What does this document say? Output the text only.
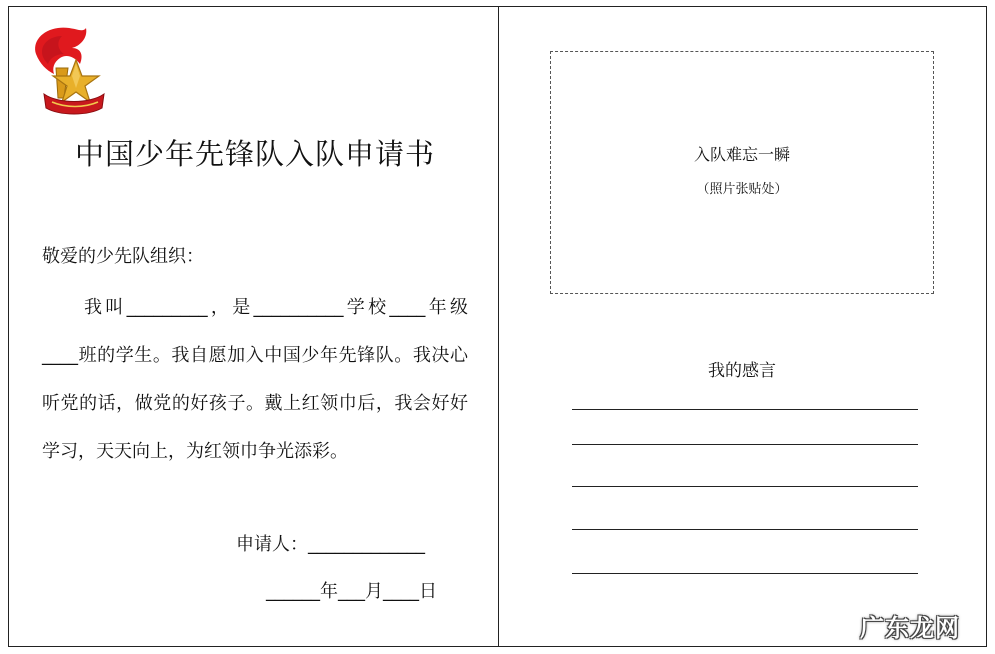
中国少年先锋队入队申请书
敬爱的少先队组织：

我叫_________，是__________学校____年级____班的学生。我自愿加入中国少年先锋队。我决心听党的话，做党的好孩子。戴上红领巾后，我会好好学习，天天向上，为红领巾争光添彩。

申请人：_____________
______年___月____日
入队难忘一瞬
（照片张贴处）
我的感言
广东龙网
